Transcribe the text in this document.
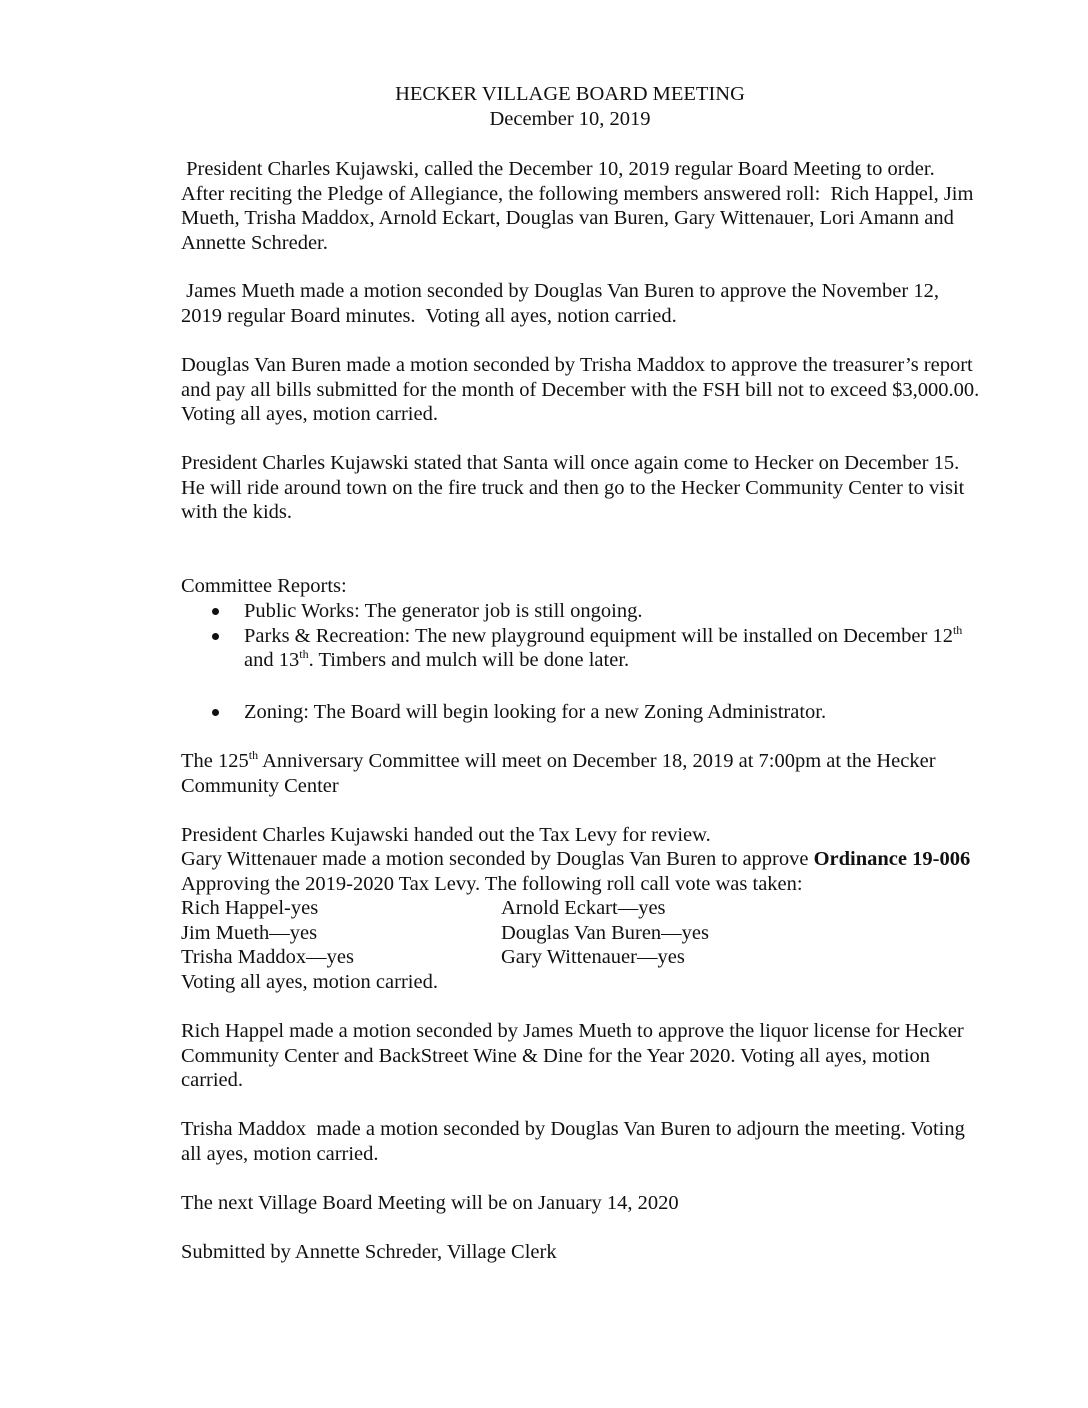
HECKER VILLAGE BOARD MEETING
December 10, 2019

President Charles Kujawski, called the December 10, 2019 regular Board Meeting to order.  After reciting the Pledge of Allegiance, the following members answered roll:  Rich Happel, Jim Mueth, Trisha Maddox, Arnold Eckart, Douglas van Buren, Gary Wittenauer, Lori Amann and Annette Schreder.

James Mueth made a motion seconded by Douglas Van Buren to approve the November 12, 2019 regular Board minutes.  Voting all ayes, notion carried.

Douglas Van Buren made a motion seconded by Trisha Maddox to approve the treasurer’s report and pay all bills submitted for the month of December with the FSH bill not to exceed $3,000.00. Voting all ayes, motion carried.

President Charles Kujawski stated that Santa will once again come to Hecker on December 15. He will ride around town on the fire truck and then go to the Hecker Community Center to visit with the kids.

Committee Reports:

Public Works: The generator job is still ongoing.
Parks & Recreation: The new playground equipment will be installed on December 12th and 13th. Timbers and mulch will be done later.
Zoning: The Board will begin looking for a new Zoning Administrator.

The 125th Anniversary Committee will meet on December 18, 2019 at 7:00pm at the Hecker Community Center

President Charles Kujawski handed out the Tax Levy for review.

Gary Wittenauer made a motion seconded by Douglas Van Buren to approve Ordinance 19-006 Approving the 2019-2020 Tax Levy. The following roll call vote was taken:

Rich Happel-yes	Arnold Eckart—yes
Jim Mueth—yes	Douglas Van Buren—yes
Trisha Maddox—yes	Gary Wittenauer—yes
Voting all ayes, motion carried.

Rich Happel made a motion seconded by James Mueth to approve the liquor license for Hecker Community Center and BackStreet Wine & Dine for the Year 2020. Voting all ayes, motion carried.

Trisha Maddox  made a motion seconded by Douglas Van Buren to adjourn the meeting. Voting all ayes, motion carried.

The next Village Board Meeting will be on January 14, 2020

Submitted by Annette Schreder, Village Clerk
